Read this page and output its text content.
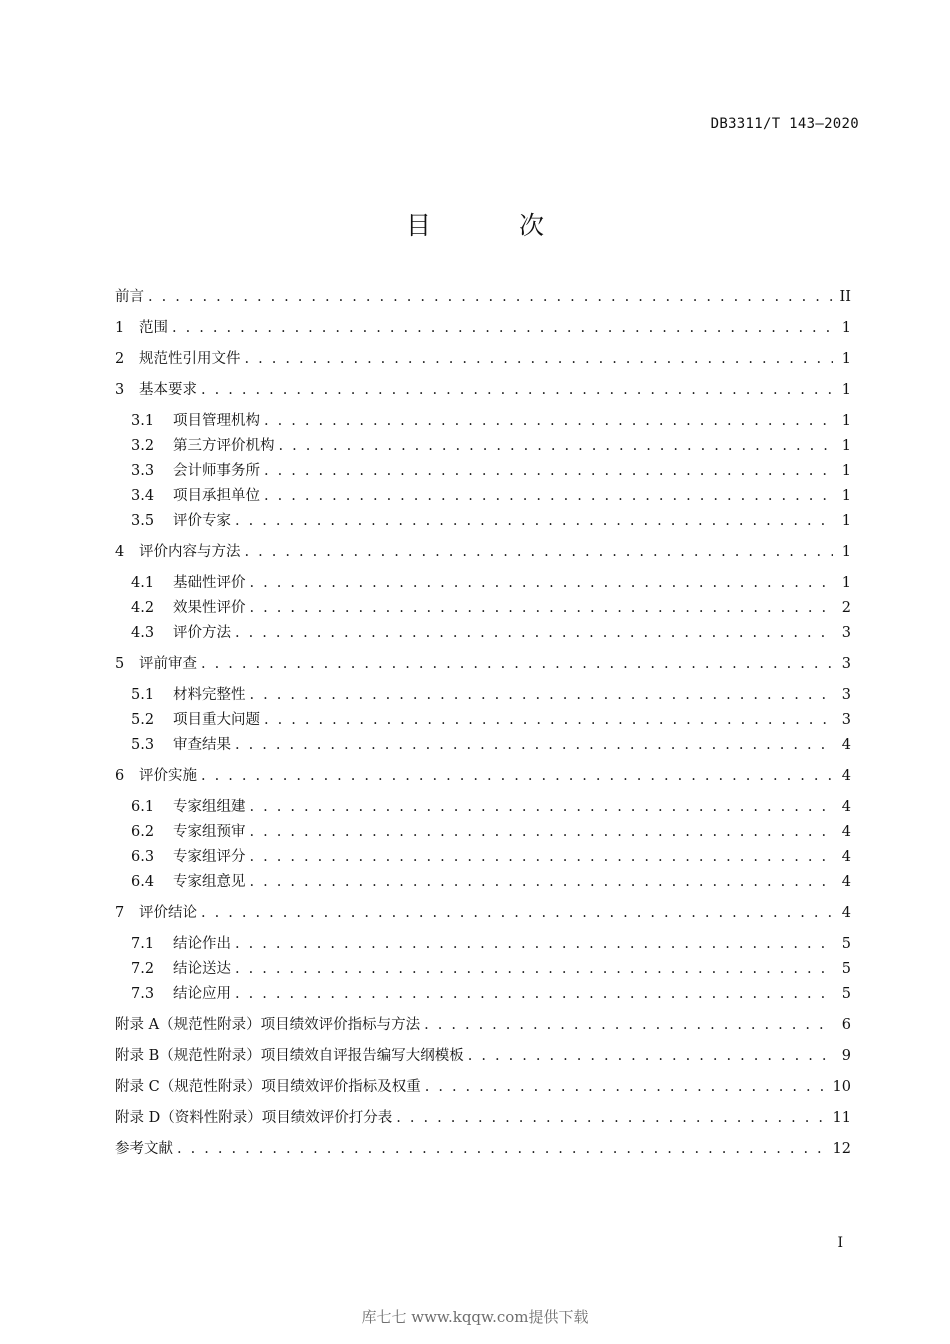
DB3311/T 143—2020
目 次
前言 . . .	II
1	范围 . . .	1
2	规范性引用文件 . . .	1
3	基本要求 . . .	1
3.1	项目管理机构 . . .	1
3.2	第三方评价机构 . . .	1
3.3	会计师事务所 . . .	1
3.4	项目承担单位 . . .	1
3.5	评价专家 . . .	1
4	评价内容与方法 . . .	1
4.1	基础性评价 . . .	1
4.2	效果性评价 . . .	2
4.3	评价方法 . . .	3
5	评前审查 . . .	3
5.1	材料完整性 . . .	3
5.2	项目重大问题 . . .	3
5.3	审查结果 . . .	4
6	评价实施 . . .	4
6.1	专家组组建 . . .	4
6.2	专家组预审 . . .	4
6.3	专家组评分 . . .	4
6.4	专家组意见 . . .	4
7	评价结论 . . .	4
7.1	结论作出 . . .	5
7.2	结论送达 . . .	5
7.3	结论应用 . . .	5
附录 A（规范性附录）项目绩效评价指标与方法 . . .	6
附录 B（规范性附录）项目绩效自评报告编写大纲模板 . . .	9
附录 C（规范性附录）项目绩效评价指标及权重 . . .	10
附录 D（资料性附录）项目绩效评价打分表 . . .	11
参考文献 . . .	12
I
库七七 www.kqqw.com提供下载
